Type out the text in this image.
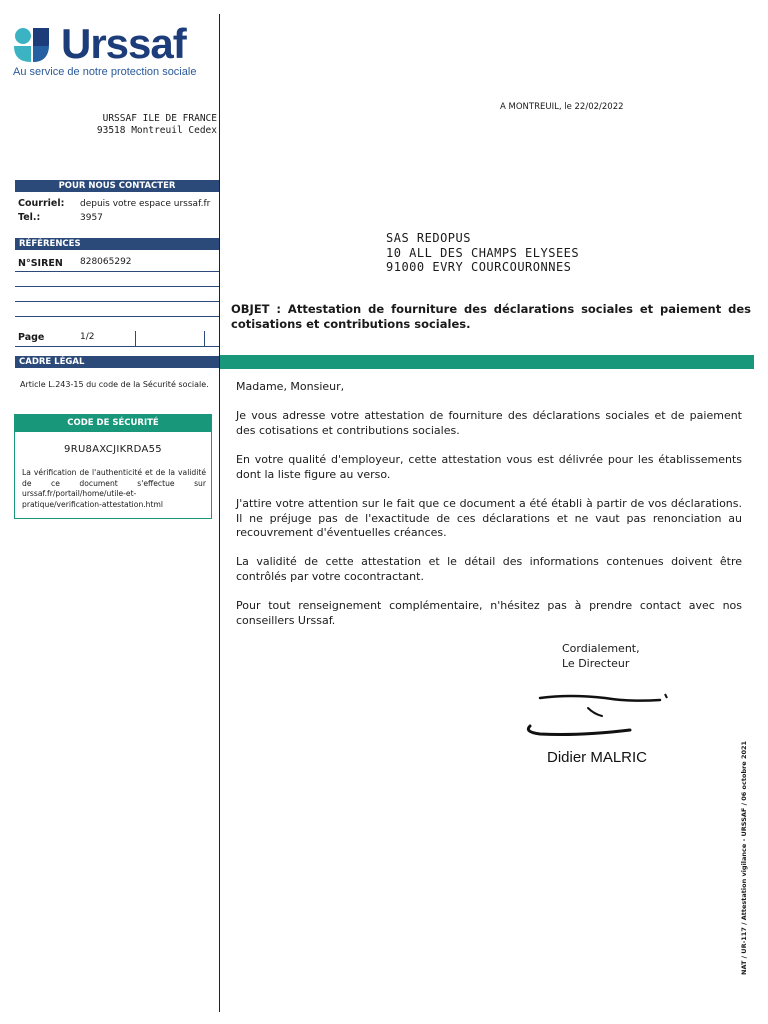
Urssaf
Au service de notre protection sociale
URSSAF ILE DE FRANCE
93518 Montreuil Cedex
POUR NOUS CONTACTER
Courriel: depuis votre espace urssaf.fr
Tel.:	3957
RÉFÉRENCES
N°SIREN 828065292
Page	1/2
CADRE LÉGAL
Article L.243-15 du code de la Sécurité sociale.
CODE DE SÉCURITÉ
9RU8AXCJIKRDA55
La vérification de l'authenticité et de la validité de ce document s'effectue sur urssaf.fr/portail/home/utile-et-pratique/verification-attestation.html
A MONTREUIL, le 22/02/2022
SAS REDOPUS
10 ALL DES CHAMPS ELYSEES
91000 EVRY COURCOURONNES
OBJET : Attestation de fourniture des déclarations sociales et paiement des cotisations et contributions sociales.
Madame, Monsieur,
Je vous adresse votre attestation de fourniture des déclarations sociales et de paiement des cotisations et contributions sociales.
En votre qualité d'employeur, cette attestation vous est délivrée pour les établissements dont la liste figure au verso.
J'attire votre attention sur le fait que ce document a été établi à partir de vos déclarations. Il ne préjuge pas de l'exactitude de ces déclarations et ne vaut pas renonciation au recouvrement d'éventuelles créances.
La validité de cette attestation et le détail des informations contenues doivent être contrôlés par votre cocontractant.
Pour tout renseignement complémentaire, n'hésitez pas à prendre contact avec nos conseillers Urssaf.
Cordialement,
Le Directeur
Didier MALRIC	NAT / UR-117 / Attestation vigilance - URSSAF / 06 octobre 2021
